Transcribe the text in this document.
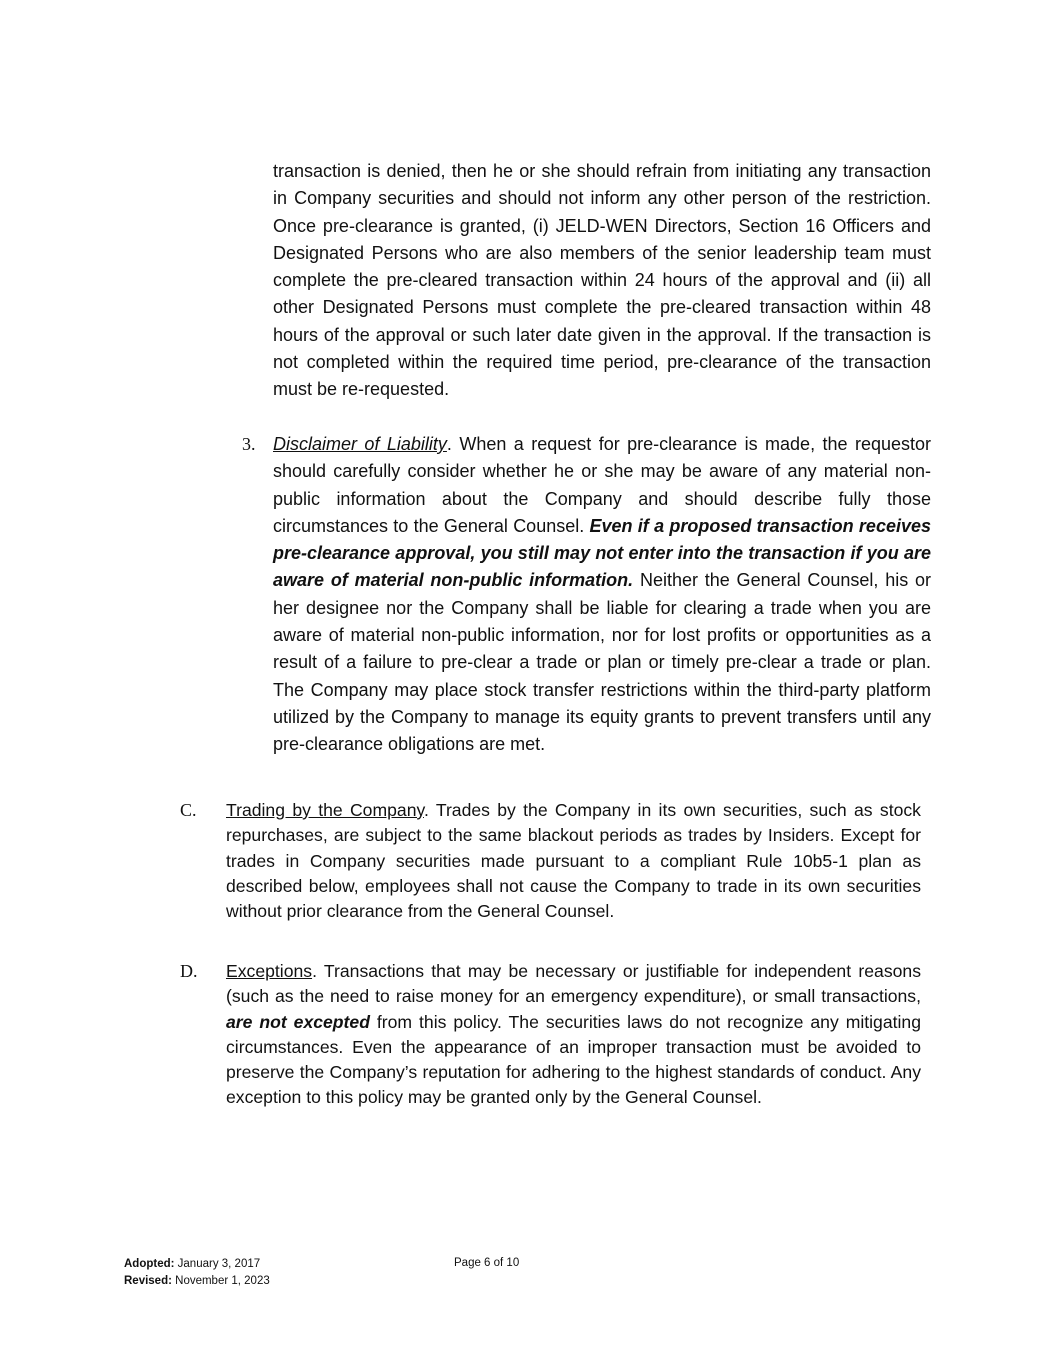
transaction is denied, then he or she should refrain from initiating any transaction in Company securities and should not inform any other person of the restriction. Once pre-clearance is granted, (i) JELD-WEN Directors, Section 16 Officers and Designated Persons who are also members of the senior leadership team must complete the pre-cleared transaction within 24 hours of the approval and (ii) all other Designated Persons must complete the pre-cleared transaction within 48 hours of the approval or such later date given in the approval. If the transaction is not completed within the required time period, pre-clearance of the transaction must be re-requested.

3. Disclaimer of Liability. When a request for pre-clearance is made, the requestor should carefully consider whether he or she may be aware of any material non-public information about the Company and should describe fully those circumstances to the General Counsel. Even if a proposed transaction receives pre-clearance approval, you still may not enter into the transaction if you are aware of material non-public information. Neither the General Counsel, his or her designee nor the Company shall be liable for clearing a trade when you are aware of material non-public information, nor for lost profits or opportunities as a result of a failure to pre-clear a trade or plan or timely pre-clear a trade or plan. The Company may place stock transfer restrictions within the third-party platform utilized by the Company to manage its equity grants to prevent transfers until any pre-clearance obligations are met.

C. Trading by the Company. Trades by the Company in its own securities, such as stock repurchases, are subject to the same blackout periods as trades by Insiders. Except for trades in Company securities made pursuant to a compliant Rule 10b5-1 plan as described below, employees shall not cause the Company to trade in its own securities without prior clearance from the General Counsel.

D. Exceptions. Transactions that may be necessary or justifiable for independent reasons (such as the need to raise money for an emergency expenditure), or small transactions, are not excepted from this policy. The securities laws do not recognize any mitigating circumstances. Even the appearance of an improper transaction must be avoided to preserve the Company’s reputation for adhering to the highest standards of conduct. Any exception to this policy may be granted only by the General Counsel.

Adopted: January 3, 2017
Revised: November 1, 2023
Page 6 of 10
